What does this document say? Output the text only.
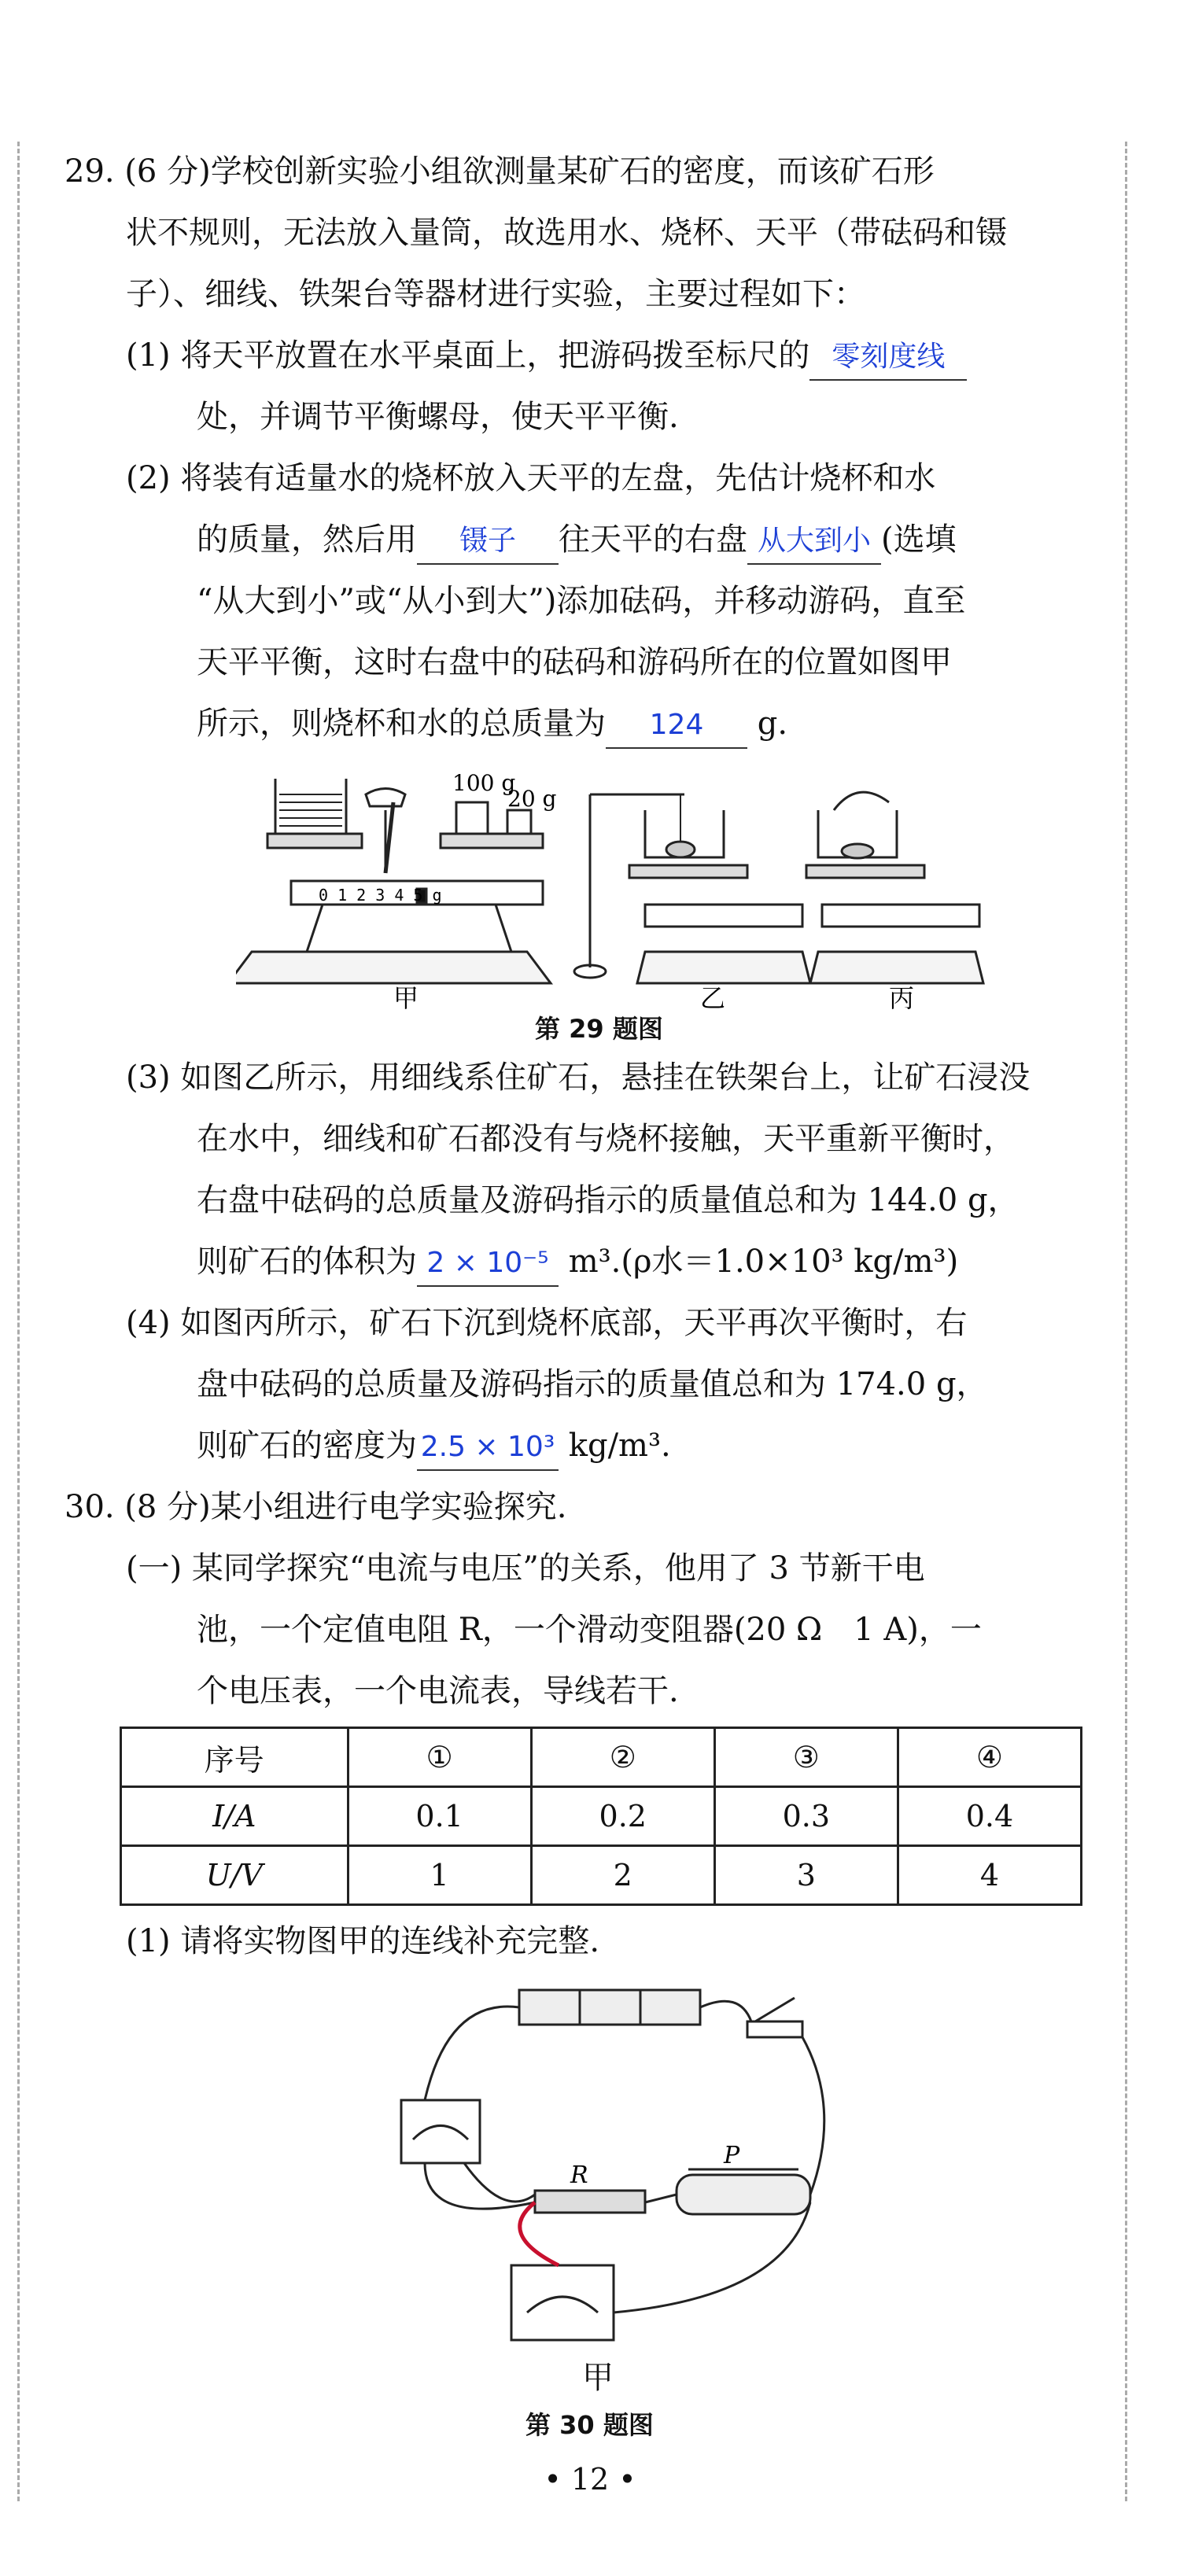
29. (6 分)学校创新实验小组欲测量某矿石的密度，而该矿石形
状不规则，无法放入量筒，故选用水、烧杯、天平（带砝码和镊
子）、细线、铁架台等器材进行实验，主要过程如下：
(1) 将天平放置在水平桌面上，把游码拨至标尺的 零刻度线
处，并调节平衡螺母，使天平平衡.
(2) 将装有适量水的烧杯放入天平的左盘，先估计烧杯和水
的质量，然后用 镊子 往天平的右盘 从大到小 (选填
“从大到小”或“从小到大”)添加砝码，并移动游码，直至
天平平衡，这时右盘中的砝码和游码所在的位置如图甲
所示，则烧杯和水的总质量为 124 g.
100 g
20 g
0 1 2 3 4 5 g
甲	乙	丙
第 29 题图
(3) 如图乙所示，用细线系住矿石，悬挂在铁架台上，让矿石浸没
在水中，细线和矿石都没有与烧杯接触，天平重新平衡时，
右盘中砝码的总质量及游码指示的质量值总和为 144.0 g，
则矿石的体积为 2 × 10⁻⁵ m³.(ρ水＝1.0×10³ kg/m³)
(4) 如图丙所示，矿石下沉到烧杯底部，天平再次平衡时，右
盘中砝码的总质量及游码指示的质量值总和为 174.0 g，
则矿石的密度为 2.5 × 10³ kg/m³.
30. (8 分)某小组进行电学实验探究.
(一) 某同学探究“电流与电压”的关系，他用了 3 节新干电
池，一个定值电阻 R，一个滑动变阻器(20 Ω　1 A)，一
个电压表，一个电流表，导线若干.
序号	①	②	③	④
I/A	0.1	0.2	0.3	0.4
U/V	1	2	3	4
(1) 请将实物图甲的连线补充完整.
R
P
甲
第 30 题图
• 12 •
